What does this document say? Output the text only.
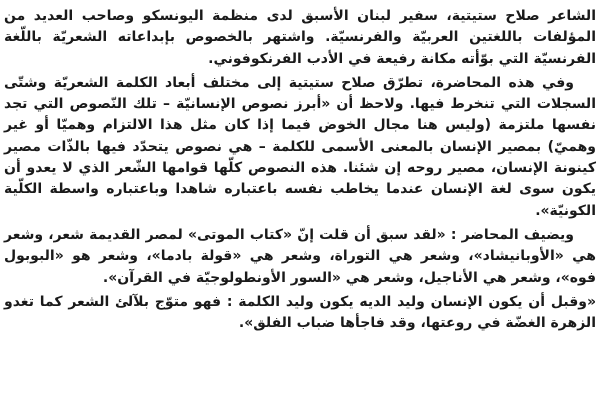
الشاعر صلاح ستيتية، سفير لبنان الأسبق لدى منظمة اليونسكو وصاحب العديد من المؤلفات باللغتين العربيّة والفرنسيّة. واشتهر بالخصوص بإبداعاته الشعريّة باللّغة الفرنسيّة التي بوّأته مكانة رفيعة في الأدب الفرنكوفوني.

وفي هذه المحاضرة، تطرّق صلاح ستيتية إلى مختلف أبعاد الكلمة الشعريّة وشتّى السجلات التي تنخرط فيها. ولاحظ أن «أبرز نصوص الإنسانيّة – تلك النّصوص التي تجد نفسها ملتزمة (وليس هنا مجال الخوض فيما إذا كان مثل هذا الالتزام وهميّا أو غير وهميّ) بمصير الإنسان بالمعنى الأسمى للكلمة – هي نصوص يتحدّد فيها بالذّات مصير كينونة الإنسان، مصير روحه إن شئنا. هذه النصوص كلّها قوامها الشّعر الذي لا يعدو أن يكون سوى لغة الإنسان عندما يخاطب نفسه باعتباره شاهدا وباعتباره واسطة الكلّية الكونيّة».

ويضيف المحاضر : «لقد سبق أن قلت إنّ «كتاب الموتى» لمصر القديمة شعر، وشعر هي «الأوبانيشاد»، وشعر هي التوراة، وشعر هي «قولة بادما»، وشعر هو «البوبول فوه»، وشعر هي الأناجيل، وشعر هي «السور الأونطولوجيّة في القرآن».

«وقبل أن يكون الإنسان وليد الديه يكون وليد الكلمة : فهو متوّج بلآلئ الشعر كما تغدو الزهرة الغضّة في روعتها، وقد فاجأها ضباب الفلق».
